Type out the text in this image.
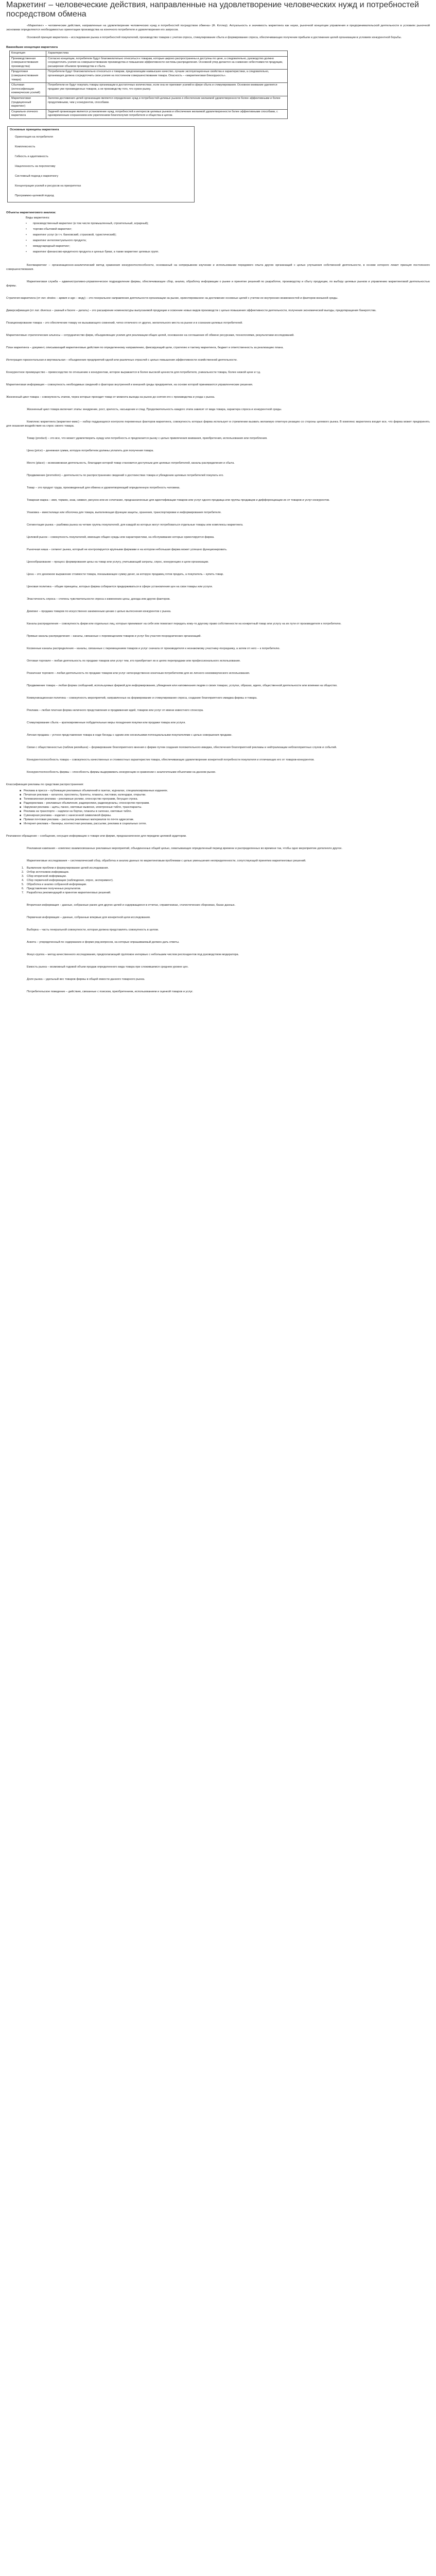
Маркетинг – человеческие действия, направленные на удовлетворение человеческих нужд и потребностей посредством обмена

«Маркетинг» – человеческие действия, направленные на удовлетворение человеческих нужд и потребностей посредством обмена» (Ф. Котлер). Актуальность и значимость маркетинга как науки, рыночной концепции управления и предпринимательской деятельности в условиях рыночной экономики определяются необходимостью ориентации производства на конечного потребителя и удовлетворения его запросов.

Основной принцип маркетинга – исследование рынка и потребностей покупателей, производство товаров с учетом спроса, стимулирование сбыта и формирование спроса, обеспечивающих получение прибыли и достижение целей организации в условиях конкурентной борьбы.

Важнейшие концепции маркетинга
Концепция	Характеристика
Производственная (совершенствования производства)	Согласно концепции, потребители будут благожелательно относиться к товарам, которые широко распространены и доступны по цене, а следовательно, руководство должно сосредоточить усилия на совершенствовании производства и повышении эффективности системы распределения. Основной упор делается на снижение себестоимости продукции, расширение объемов производства и сбыта.
Продуктовая (совершенствования товара)	Потребители будут благожелательно относиться к товарам, предлагающим наивысшее качество, лучшие эксплуатационные свойства и характеристики, а следовательно, организация должна сосредоточить свои усилия на постоянном совершенствовании товара. Опасность – «маркетинговая близорукость».
Сбытовая (интенсификации коммерческих усилий)	Потребители не будут покупать товары организации в достаточных количествах, если она не приложит усилий в сфере сбыта и стимулирования. Основное внимание уделяется продаже уже произведенных товаров, а не производству того, что нужно рынку.
Маркетинговая (традиционный маркетинг)	Залогом достижения целей организации являются определение нужд и потребностей целевых рынков и обеспечение желаемой удовлетворенности более эффективными и более продуктивными, чем у конкурентов, способами.
Социально-этичного маркетинга	Задачей организации является установление нужд, потребностей и интересов целевых рынков и обеспечение желаемой удовлетворенности более эффективными способами, с одновременным сохранением или укреплением благополучия потребителя и общества в целом.
Основные принципы маркетинга
Ориентация на потребителя
Комплексность
Гибкость и адаптивность
Нацеленность на перспективу
Системный подход к маркетингу
Концентрация усилий и ресурсов на приоритетах
Программно-целевой подход

Объекты маркетингового анализа:

Виды маркетинга:
• производственный маркетинг (в том числе промышленный, строительный, аграрный);
• торгово-сбытовой маркетинг;
• маркетинг услуг (в т.ч. банковский, страховой, туристический);
• маркетинг интеллектуального продукта;
• международный маркетинг;
• маркетинг финансово-кредитного продукта и ценных бумаг, а также маркетинг целевых групп.

Бенчмаркетинг – организационно-аналитический метод сравнения конкурентоспособности, основанный на непрерывном изучении и использовании передового опыта других организаций с целью улучшения собственной деятельности, в основе которого лежит принцип постоянного совершенствования.

Маркетинговая служба – административно-управленческое подразделение фирмы, обеспечивающее сбор, анализ, обработку информации о рынке и принятие решений по разработке, производству и сбыту продукции, по выбору целевых рынков и управлению маркетинговой деятельностью фирмы.

Стратегия маркетинга (от лат. stratos – армия и ago – веду) – это генеральное направление деятельности организации на рынке, ориентированное на достижение основных целей с учетом ее внутренних возможностей и факторов внешней среды.

Диверсификация (от лат. diversus – разный и facere – делать) – это расширение номенклатуры выпускаемой продукции и освоение новых видов производств с целью повышения эффективности деятельности, получения экономической выгоды, предотвращения банкротства.

Позиционирование товара – это обеспечение товару не вызывающего сомнений, четко отличного от других, желательного места на рынке и в сознании целевых потребителей.

Маркетинговые стратегические альянсы – сотрудничество фирм, объединяющих усилия для реализации общих целей, основанное на соглашении об обмене ресурсами, технологиями, результатами исследований.

План маркетинга – документ, описывающий маркетинговые действия по определенному направлению, фиксирующий цели, стратегию и тактику маркетинга, бюджет и ответственность за реализацию плана.

Интеграция горизонтальная и вертикальная – объединение предприятий одной или различных отраслей с целью повышения эффективности хозяйственной деятельности.

Конкурентное преимущество – превосходство по отношению к конкурентам, которое выражается в более высокой ценности для потребителя, уникальности товара, более низкой цене и т.д.

Маркетинговая информация – совокупность необходимых сведений о факторах внутренней и внешней среды предприятия, на основе которой принимаются управленческие решения.

Жизненный цикл товара – совокупность этапов, через которые проходит товар от момента выхода на рынок до снятия его с производства и ухода с рынка.

Жизненный цикл товара включает этапы: внедрение, рост, зрелость, насыщение и спад. Продолжительность каждого этапа зависит от вида товара, характера спроса и конкурентной среды.

Комплекс маркетинга (маркетинг-микс) – набор поддающихся контролю переменных факторов маркетинга, совокупность которых фирма использует в стремлении вызвать желаемую ответную реакцию со стороны целевого рынка. В комплекс маркетинга входит все, что фирма может предпринять для оказания воздействия на спрос своего товара.

Товар (product) – это все, что может удовлетворить нужду или потребность и предлагается рынку с целью привлечения внимания, приобретения, использования или потребления.

Цена (price) – денежная сумма, которую потребители должны уплатить для получения товара.

Место (place) – всевозможная деятельность, благодаря которой товар становится доступным для целевых потребителей, каналы распределения и сбыта.

Продвижение (promotion) – деятельность по распространению сведений о достоинствах товара и убеждению целевых потребителей покупать его.

Товар – это продукт труда, произведенный для обмена и удовлетворяющий определенную потребность человека.

Товарная марка – имя, термин, знак, символ, рисунок или их сочетание, предназначенные для идентификации товаров или услуг одного продавца или группы продавцов и дифференциации их от товаров и услуг конкурентов.

Упаковка – вместилище или оболочка для товара, выполняющая функции защиты, хранения, транспортировки и информирования потребителя.

Сегментация рынка – разбивка рынка на четкие группы покупателей, для каждой из которых могут потребоваться отдельные товары или комплексы маркетинга.

Целевой рынок – совокупность покупателей, имеющих общие нужды или характеристики, на обслуживание которых ориентируется фирма.

Рыночная ниша – сегмент рынка, который не контролируется крупными фирмами и на котором небольшая фирма может успешно функционировать.

Ценообразование – процесс формирования цены на товар или услугу, учитывающий затраты, спрос, конкуренцию и цели организации.

Цена – это денежное выражение стоимости товара, показывающее сумму денег, за которую продавец готов продать, а покупатель – купить товар.

Ценовая политика – общие принципы, которых фирма собирается придерживаться в сфере установления цен на свои товары или услуги.

Эластичность спроса – степень чувствительности спроса к изменению цены, дохода или других факторов.

Демпинг – продажа товаров по искусственно заниженным ценам с целью вытеснения конкурентов с рынка.

Каналы распределения – совокупность фирм или отдельных лиц, которые принимают на себя или помогают передать кому-то другому право собственности на конкретный товар или услугу на их пути от производителя к потребителю.

Прямые каналы распределения – каналы, связанные с перемещением товаров и услуг без участия посреднических организаций.

Косвенные каналы распределения – каналы, связанные с перемещением товаров и услуг сначала от производителя к незнакомому участнику-посреднику, а затем от него – к потребителю.

Оптовая торговля – любая деятельность по продаже товаров или услуг тем, кто приобретает их в целях перепродажи или профессионального использования.

Розничная торговля – любая деятельность по продаже товаров или услуг непосредственно конечным потребителям для их личного некоммерческого использования.

Продвижение товара – любая форма сообщений, используемых фирмой для информирования, убеждения или напоминания людям о своих товарах, услугах, образах, идеях, общественной деятельности или влиянии на общество.

Коммуникационная политика – совокупность мероприятий, направленных на формирование и стимулирование спроса, создание благоприятного имиджа фирмы и товара.

Реклама – любая платная форма неличного представления и продвижения идей, товаров или услуг от имени известного спонсора.

Стимулирование сбыта – кратковременные побудительные меры поощрения покупки или продажи товара или услуги.

Личная продажа – устное представление товара в ходе беседы с одним или несколькими потенциальными покупателями с целью совершения продажи.

Связи с общественностью (паблик рилейшнз) – формирование благоприятного мнения о фирме путем создания положительного имиджа, обеспечения благоприятной рекламы и нейтрализации неблагоприятных слухов и событий.

Конкурентоспособность товара – совокупность качественных и стоимостных характеристик товара, обеспечивающих удовлетворение конкретной потребности покупателя и отличающих его от товаров-конкурентов.

Конкурентоспособность фирмы – способность фирмы выдерживать конкуренцию в сравнении с аналогичными объектами на данном рынке.

Классификация рекламы по средствам распространения:

■ Реклама в прессе – публикация рекламных объявлений в газетах, журналах, специализированных изданиях.
■ Печатная реклама – каталоги, проспекты, буклеты, плакаты, листовки, календари, открытки.
■ Телевизионная реклама – рекламные ролики, спонсорство программ, бегущая строка.
■ Радиореклама – рекламные объявления, радиоролики, радиожурналы, спонсорство программ.
■ Наружная реклама – щиты, панно, световые вывески, электронные табло, транспаранты.
■ Реклама на транспорте – надписи на бортах, плакаты в салонах, световые табло.
■ Сувенирная реклама – изделия с нанесенной символикой фирмы.
■ Прямая почтовая реклама – рассылка рекламных материалов по почте адресатам.
■ Интернет-реклама – баннеры, контекстная реклама, рассылки, реклама в социальных сетях.

Рекламное обращение – сообщение, несущее информацию о товаре или фирме, предназначенное для передачи целевой аудитории.

Рекламная кампания – комплекс взаимосвязанных рекламных мероприятий, объединенных общей целью, охватывающих определенный период времени и распределенных во времени так, чтобы одно мероприятие дополняло другое.

Маркетинговые исследования – систематический сбор, обработка и анализ данных по маркетинговым проблемам с целью уменьшения неопределенности, сопутствующей принятию маркетинговых решений.

1. Выявление проблем и формулирование целей исследования.
2. Отбор источников информации.
3. Сбор вторичной информации.
4. Сбор первичной информации (наблюдение, опрос, эксперимент).
5. Обработка и анализ собранной информации.
6. Представление полученных результатов.
7. Разработка рекомендаций и принятие маркетинговых решений.

Вторичная информация – данные, собранные ранее для других целей и содержащиеся в отчетах, справочниках, статистических сборниках, базах данных.

Первичная информация – данные, собранные впервые для конкретной цели исследования.

Выборка – часть генеральной совокупности, которая должна представлять совокупность в целом.

Анкета – упорядоченный по содержанию и форме ряд вопросов, на которые опрашиваемый должен дать ответы.

Фокус-группа – метод качественного исследования, предполагающий групповое интервью с небольшим числом респондентов под руководством модератора.

Емкость рынка – возможный годовой объем продаж определенного вида товара при сложившемся среднем уровне цен.

Доля рынка – удельный вес товаров фирмы в общей емкости данного товарного рынка.

Потребительское поведение – действия, связанные с поиском, приобретением, использованием и оценкой товаров и услуг.
